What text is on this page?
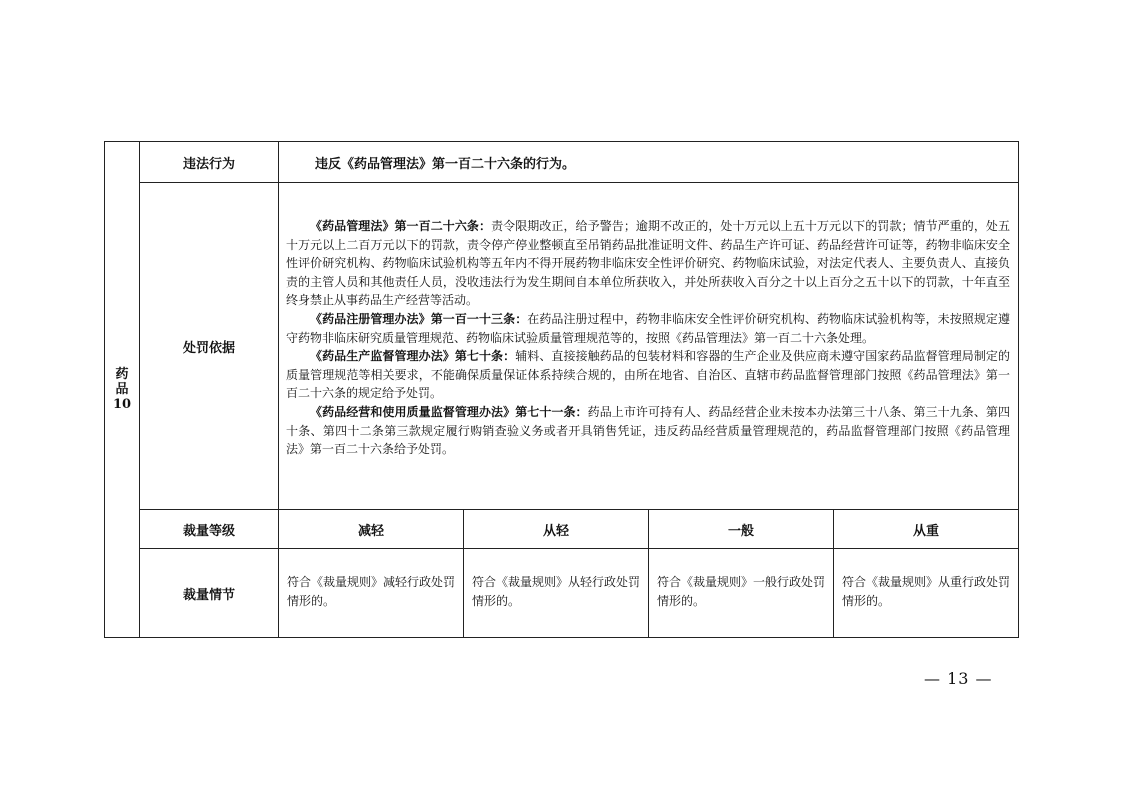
药
品
10	违法行为	违反《药品管理法》第一百二十六条的行为。			
	处罚依据	《药品管理法》第一百二十六条：责令限期改正，给予警告；逾期不改正的，处十万元以上五十万元以下的罚款；情节严重的，处五十万元以上二百万元以下的罚款，责令停产停业整顿直至吊销药品批准证明文件、药品生产许可证、药品经营许可证等，药物非临床安全性评价研究机构、药物临床试验机构等五年内不得开展药物非临床安全性评价研究、药物临床试验，对法定代表人、主要负责人、直接负责的主管人员和其他责任人员，没收违法行为发生期间自本单位所获收入，并处所获收入百分之十以上百分之五十以下的罚款，十年直至终身禁止从事药品生产经营等活动。

《药品注册管理办法》第一百一十三条：在药品注册过程中，药物非临床安全性评价研究机构、药物临床试验机构等，未按照规定遵守药物非临床研究质量管理规范、药物临床试验质量管理规范等的，按照《药品管理法》第一百二十六条处理。

《药品生产监督管理办法》第七十条：辅料、直接接触药品的包装材料和容器的生产企业及供应商未遵守国家药品监督管理局制定的质量管理规范等相关要求，不能确保质量保证体系持续合规的，由所在地省、自治区、直辖市药品监督管理部门按照《药品管理法》第一百二十六条的规定给予处罚。

《药品经营和使用质量监督管理办法》第七十一条：药品上市许可持有人、药品经营企业未按本办法第三十八条、第三十九条、第四十条、第四十二条第三款规定履行购销查验义务或者开具销售凭证，违反药品经营质量管理规范的，药品监督管理部门按照《药品管理法》第一百二十六条给予处罚。			

	裁量等级	减轻	从轻	一般	从重
	裁量情节	符合《裁量规则》减轻行政处罚情形的。	符合《裁量规则》从轻行政处罚情形的。	符合《裁量规则》一般行政处罚情形的。	符合《裁量规则》从重行政处罚情形的。
— 13 —
